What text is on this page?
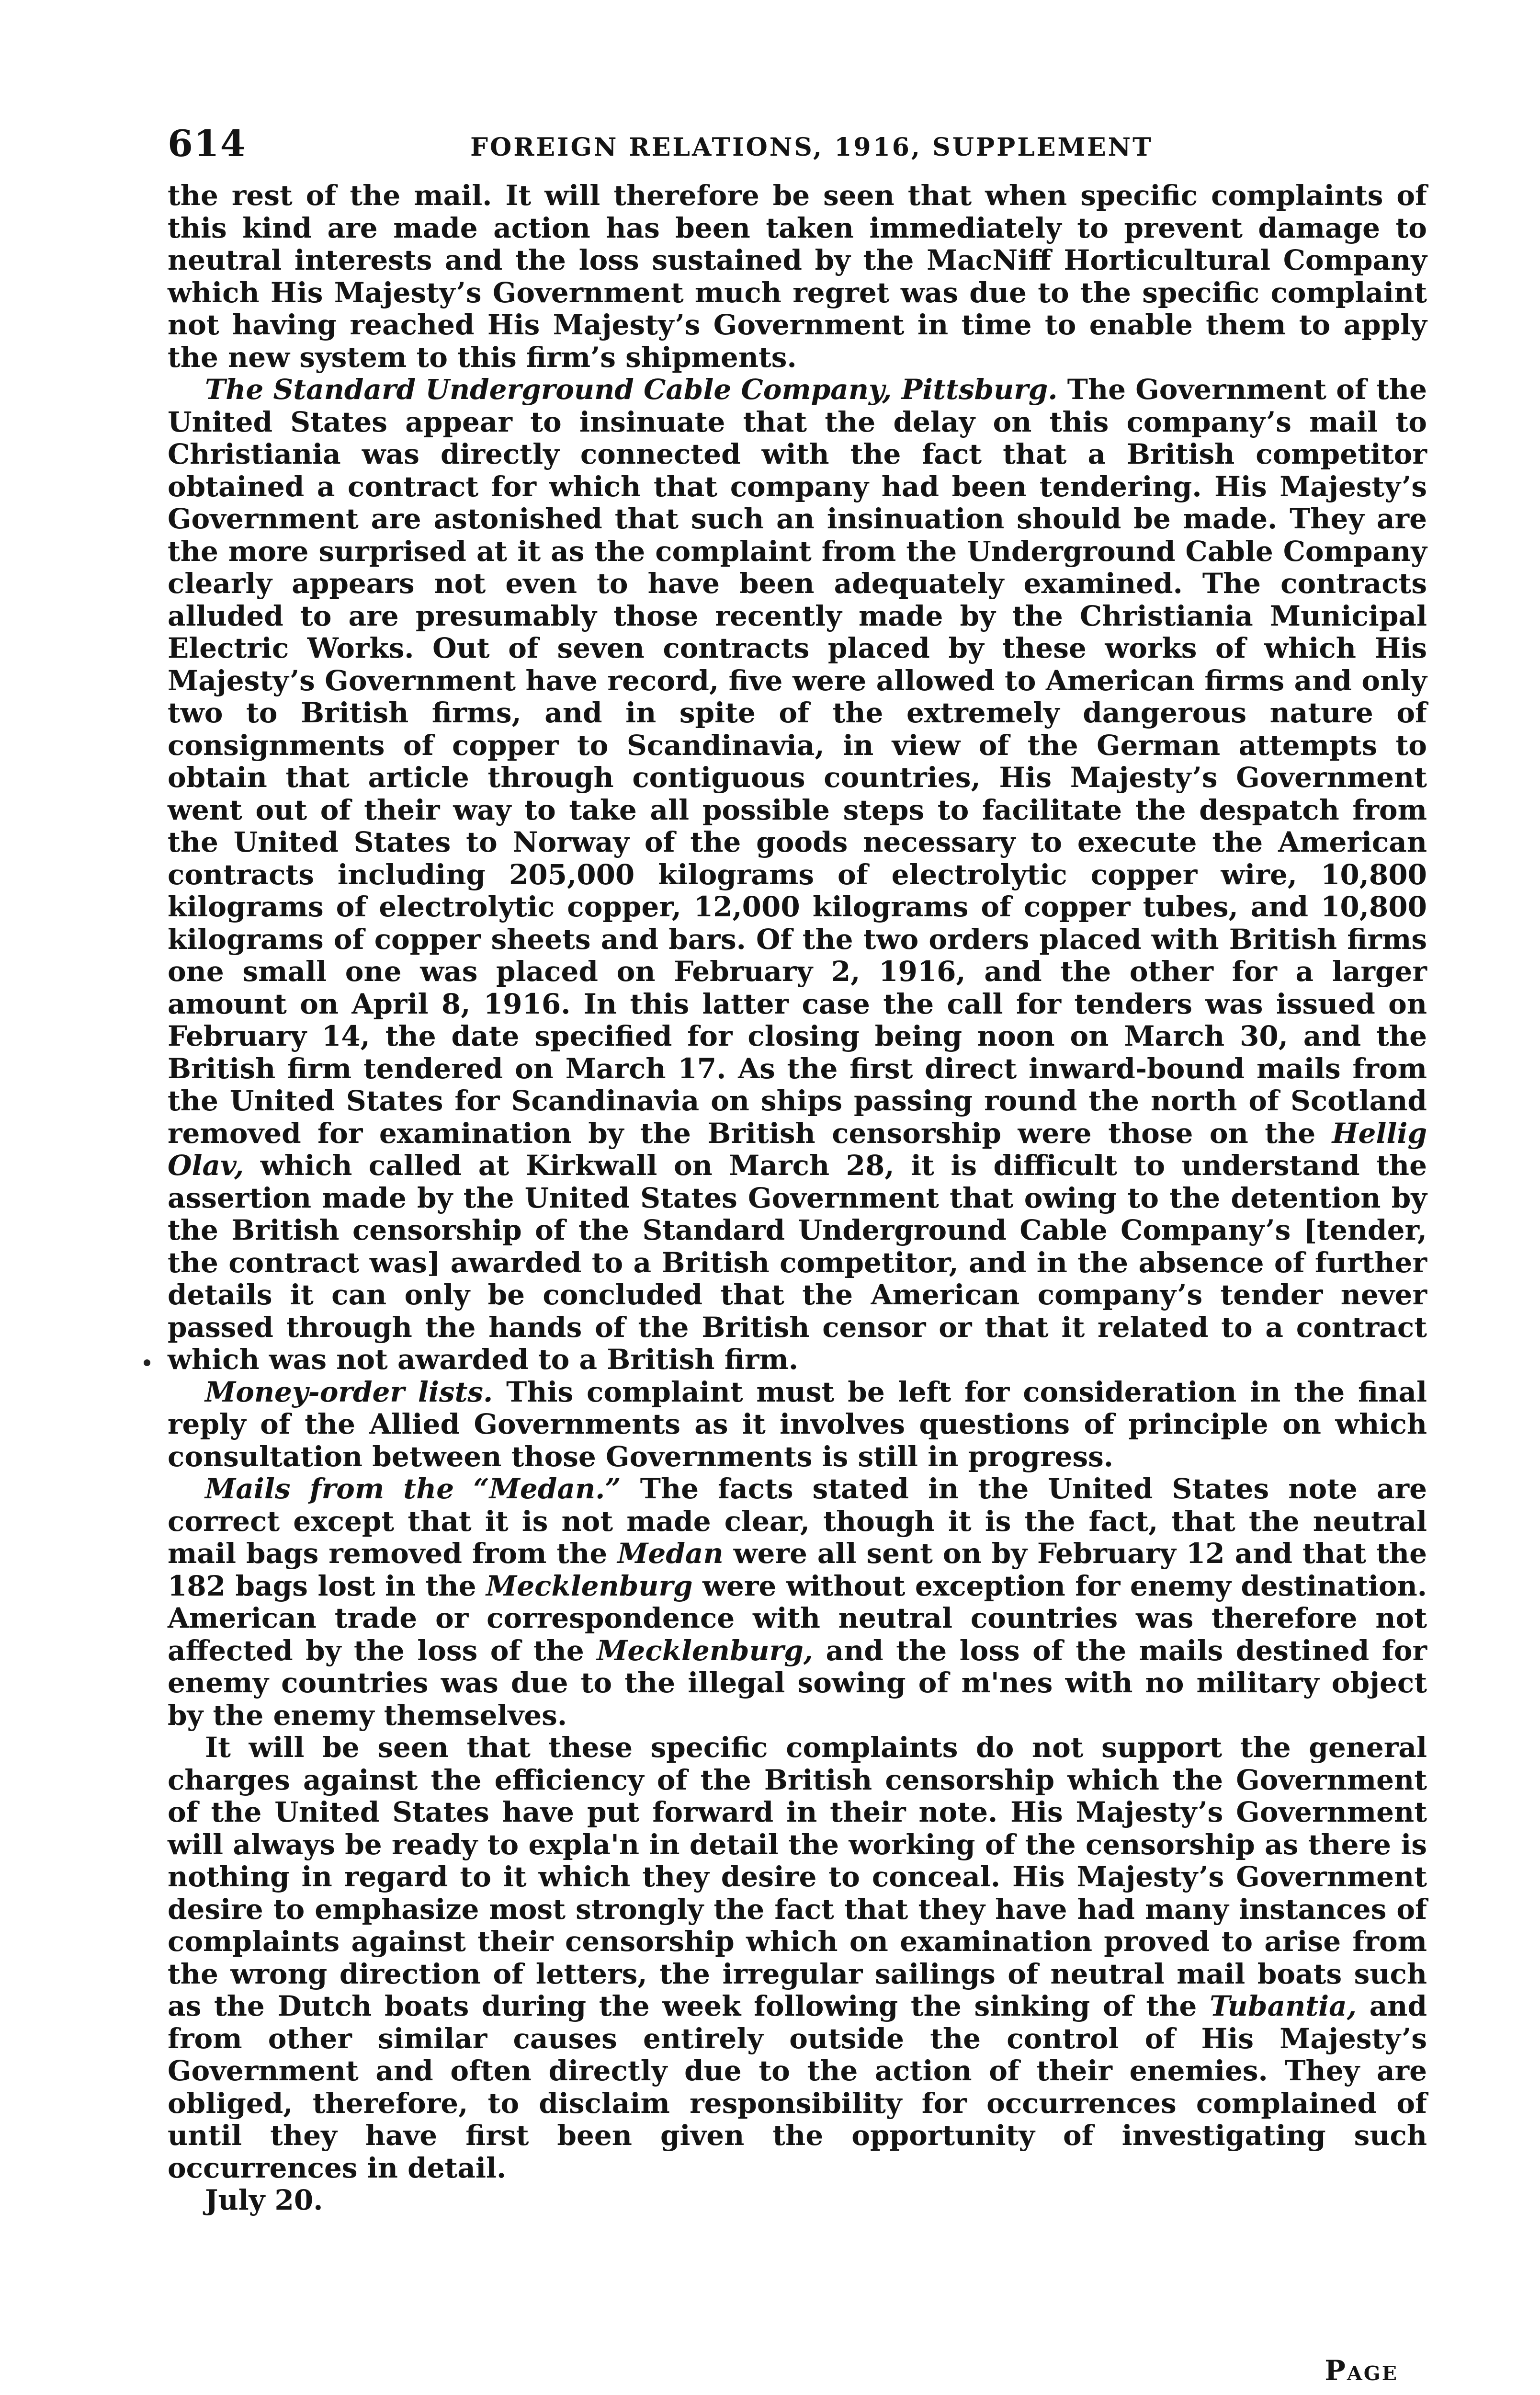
614	FOREIGN RELATIONS, 1916, SUPPLEMENT

the rest of the mail. It will therefore be seen that when specific complaints of this kind are made action has been taken immediately to prevent damage to neutral interests and the loss sustained by the MacNiff Horticultural Company which His Majesty’s Government much regret was due to the specific complaint not having reached His Majesty’s Government in time to enable them to apply the new system to this firm’s shipments.

The Standard Underground Cable Company, Pittsburg. The Government of the United States appear to insinuate that the delay on this company’s mail to Christiania was directly connected with the fact that a British competitor obtained a contract for which that company had been tendering. His Majesty’s Government are astonished that such an insinuation should be made. They are the more surprised at it as the complaint from the Underground Cable Company clearly appears not even to have been adequately examined. The contracts alluded to are presumably those recently made by the Christiania Municipal Electric Works. Out of seven contracts placed by these works of which His Majesty’s Government have record, five were allowed to American firms and only two to British firms, and in spite of the extremely dangerous nature of consignments of copper to Scandinavia, in view of the German attempts to obtain that article through contiguous countries, His Majesty’s Government went out of their way to take all possible steps to facilitate the despatch from the United States to Norway of the goods necessary to execute the American contracts including 205,000 kilograms of electrolytic copper wire, 10,800 kilograms of electrolytic copper, 12,000 kilograms of copper tubes, and 10,800 kilograms of copper sheets and bars. Of the two orders placed with British firms one small one was placed on February 2, 1916, and the other for a larger amount on April 8, 1916. In this latter case the call for tenders was issued on February 14, the date specified for closing being noon on March 30, and the British firm tendered on March 17. As the first direct inward-bound mails from the United States for Scandinavia on ships passing round the north of Scotland removed for examination by the British censorship were those on the Hellig Olav, which called at Kirkwall on March 28, it is difficult to understand the assertion made by the United States Government that owing to the detention by the British censorship of the Standard Underground Cable Company’s [tender, the contract was] awarded to a British competitor, and in the absence of further details it can only be concluded that the American company’s tender never passed through the hands of the British censor or that it related to a contract which was not awarded to a British firm.

Money-order lists. This complaint must be left for consideration in the final reply of the Allied Governments as it involves questions of principle on which consultation between those Governments is still in progress.

Mails from the “Medan.” The facts stated in the United States note are correct except that it is not made clear, though it is the fact, that the neutral mail bags removed from the Medan were all sent on by February 12 and that the 182 bags lost in the Mecklenburg were without exception for enemy destination. American trade or correspondence with neutral countries was therefore not affected by the loss of the Mecklenburg, and the loss of the mails destined for enemy countries was due to the illegal sowing of m'nes with no military object by the enemy themselves.

It will be seen that these specific complaints do not support the general charges against the efficiency of the British censorship which the Government of the United States have put forward in their note. His Majesty’s Government will always be ready to expla'n in detail the working of the censorship as there is nothing in regard to it which they desire to conceal. His Majesty’s Government desire to emphasize most strongly the fact that they have had many instances of complaints against their censorship which on examination proved to arise from the wrong direction of letters, the irregular sailings of neutral mail boats such as the Dutch boats during the week following the sinking of the Tubantia, and from other similar causes entirely outside the control of His Majesty’s Government and often directly due to the action of their enemies. They are obliged, therefore, to disclaim responsibility for occurrences complained of until they have first been given the opportunity of investigating such occurrences in detail.

July 20.

Page
